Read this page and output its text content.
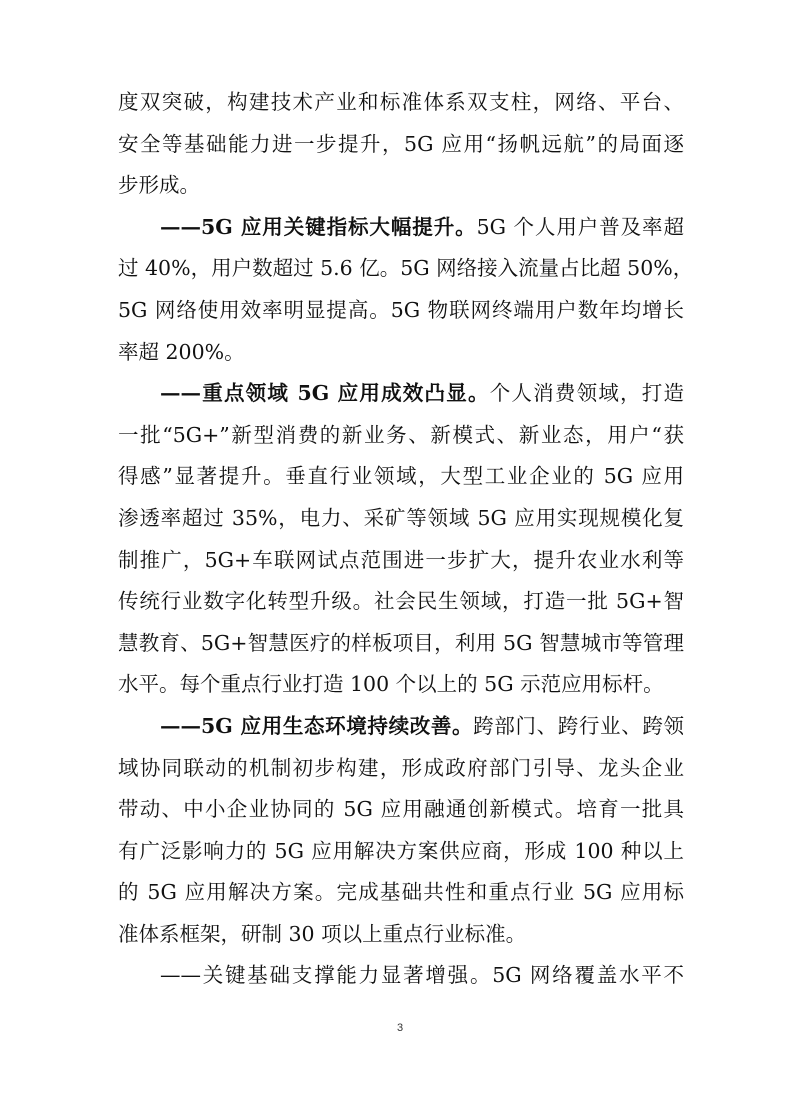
度双突破，构建技术产业和标准体系双支柱，网络、平台、
安全等基础能力进一步提升，5G 应用“扬帆远航”的局面逐
步形成。
——5G 应用关键指标大幅提升。5G 个人用户普及率超
过 40%，用户数超过 5.6 亿。5G 网络接入流量占比超 50%，
5G 网络使用效率明显提高。5G 物联网终端用户数年均增长
率超 200%。
——重点领域 5G 应用成效凸显。个人消费领域，打造
一批“5G+”新型消费的新业务、新模式、新业态，用户“获
得感”显著提升。垂直行业领域，大型工业企业的 5G 应用
渗透率超过 35%，电力、采矿等领域 5G 应用实现规模化复
制推广，5G+车联网试点范围进一步扩大，提升农业水利等
传统行业数字化转型升级。社会民生领域，打造一批 5G+智
慧教育、5G+智慧医疗的样板项目，利用 5G 智慧城市等管理
水平。每个重点行业打造 100 个以上的 5G 示范应用标杆。
——5G 应用生态环境持续改善。跨部门、跨行业、跨领
域协同联动的机制初步构建，形成政府部门引导、龙头企业
带动、中小企业协同的 5G 应用融通创新模式。培育一批具
有广泛影响力的 5G 应用解决方案供应商，形成 100 种以上
的 5G 应用解决方案。完成基础共性和重点行业 5G 应用标
准体系框架，研制 30 项以上重点行业标准。
——关键基础支撑能力显著增强。5G 网络覆盖水平不
3
